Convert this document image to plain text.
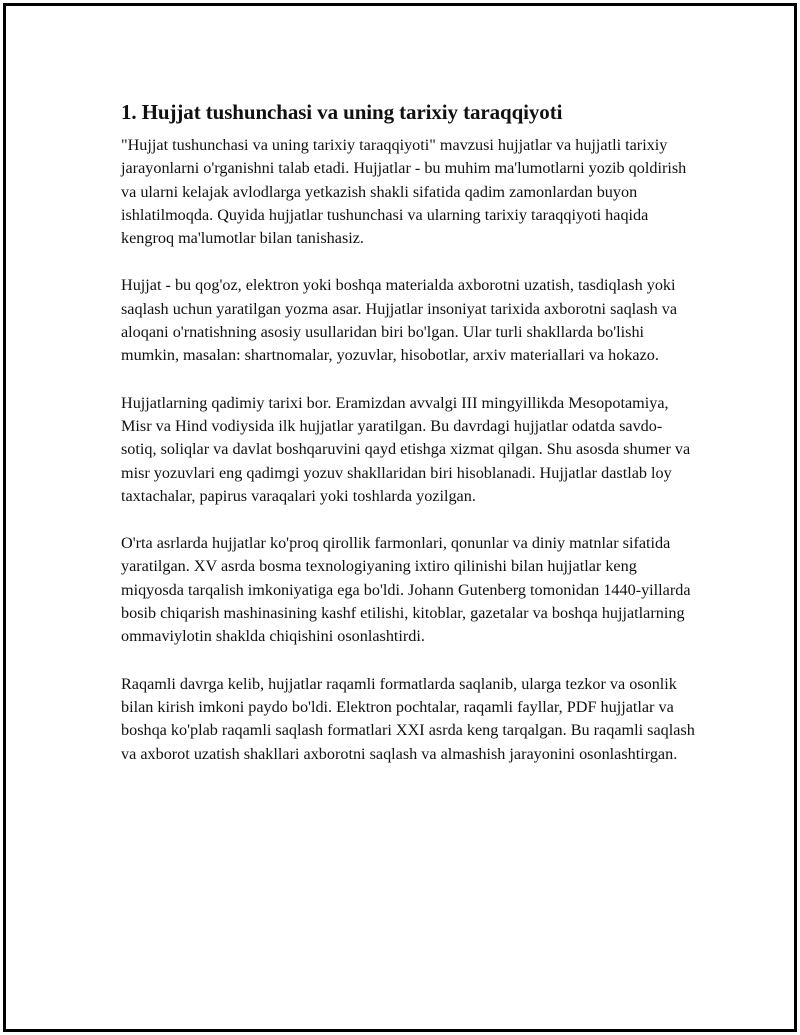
1. Hujjat tushunchasi va uning tarixiy taraqqiyoti

"Hujjat tushunchasi va uning tarixiy taraqqiyoti" mavzusi hujjatlar va hujjatli tarixiy jarayonlarni o'rganishni talab etadi. Hujjatlar - bu muhim ma'lumotlarni yozib qoldirish va ularni kelajak avlodlarga yetkazish shakli sifatida qadim zamonlardan buyon ishlatilmoqda. Quyida hujjatlar tushunchasi va ularning tarixiy taraqqiyoti haqida kengroq ma'lumotlar bilan tanishasiz.

Hujjat - bu qog'oz, elektron yoki boshqa materialda axborotni uzatish, tasdiqlash yoki saqlash uchun yaratilgan yozma asar. Hujjatlar insoniyat tarixida axborotni saqlash va aloqani o'rnatishning asosiy usullaridan biri bo'lgan. Ular turli shakllarda bo'lishi mumkin, masalan: shartnomalar, yozuvlar, hisobotlar, arxiv materiallari va hokazo.

Hujjatlarning qadimiy tarixi bor. Eramizdan avvalgi III mingyillikda Mesopotamiya, Misr va Hind vodiysida ilk hujjatlar yaratilgan. Bu davrdagi hujjatlar odatda savdo-sotiq, soliqlar va davlat boshqaruvini qayd etishga xizmat qilgan. Shu asosda shumer va misr yozuvlari eng qadimgi yozuv shakllaridan biri hisoblanadi. Hujjatlar dastlab loy taxtachalar, papirus varaqalari yoki toshlarda yozilgan.

O'rta asrlarda hujjatlar ko'proq qirollik farmonlari, qonunlar va diniy matnlar sifatida yaratilgan. XV asrda bosma texnologiyaning ixtiro qilinishi bilan hujjatlar keng miqyosda tarqalish imkoniyatiga ega bo'ldi. Johann Gutenberg tomonidan 1440-yillarda bosib chiqarish mashinasining kashf etilishi, kitoblar, gazetalar va boshqa hujjatlarning ommaviylotin shaklda chiqishini osonlashtirdi.

Raqamli davrga kelib, hujjatlar raqamli formatlarda saqlanib, ularga tezkor va osonlik bilan kirish imkoni paydo bo'ldi. Elektron pochtalar, raqamli fayllar, PDF hujjatlar va boshqa ko'plab raqamli saqlash formatlari XXI asrda keng tarqalgan. Bu raqamli saqlash va axborot uzatish shakllari axborotni saqlash va almashish jarayonini osonlashtirgan.
